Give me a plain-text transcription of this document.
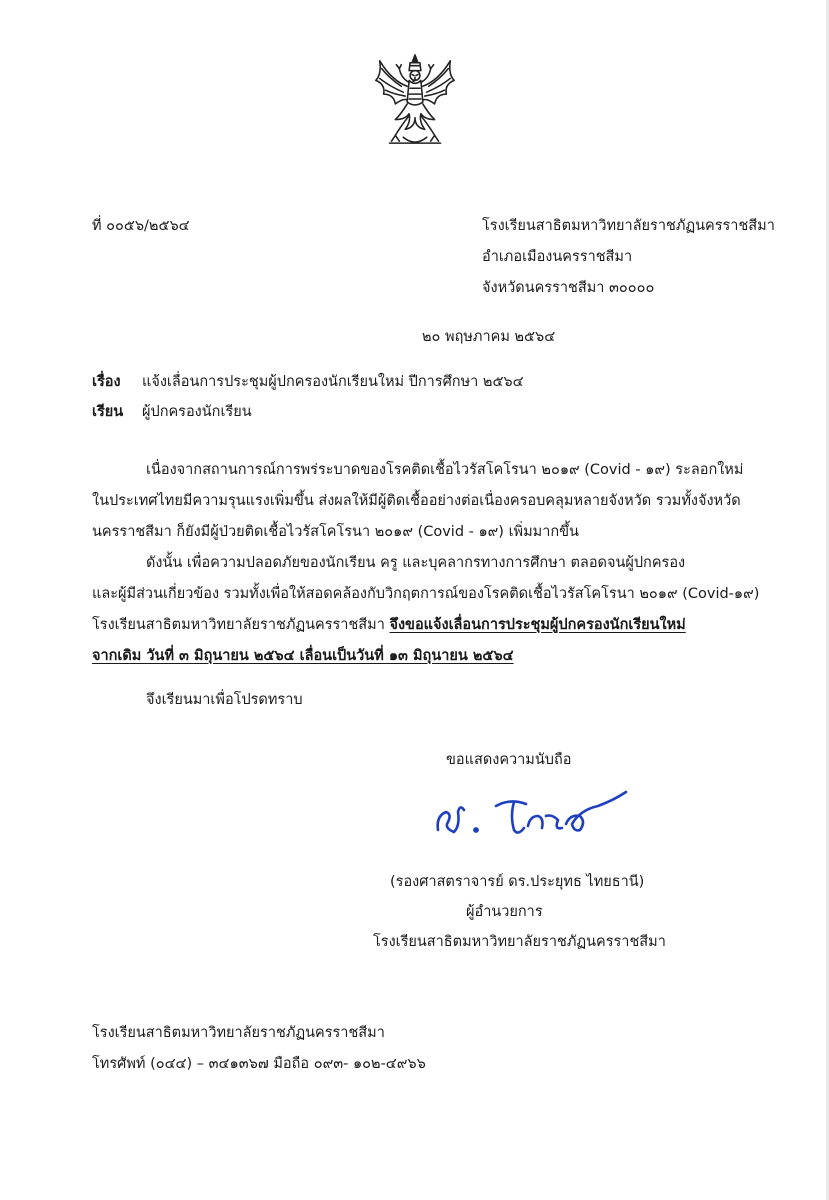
ที่ ๐๐๕๖/๒๕๖๔	โรงเรียนสาธิตมหาวิทยาลัยราชภัฏนครราชสีมา
อำเภอเมืองนครราชสีมา
จังหวัดนครราชสีมา ๓๐๐๐๐
๒๐ พฤษภาคม ๒๕๖๔
เรื่อง แจ้งเลื่อนการประชุมผู้ปกครองนักเรียนใหม่ ปีการศึกษา ๒๕๖๔
เรียน ผู้ปกครองนักเรียน
เนื่องจากสถานการณ์การพร่ระบาดของโรคติดเชื้อไวรัสโคโรนา ๒๐๑๙ (Covid - ๑๙) ระลอกใหม่
ในประเทศไทยมีความรุนแรงเพิ่มขึ้น ส่งผลให้มีผู้ติดเชื้ออย่างต่อเนื่องครอบคลุมหลายจังหวัด รวมทั้งจังหวัด
นครราชสีมา ก็ยังมีผู้ป่วยติดเชื้อไวรัสโคโรนา ๒๐๑๙ (Covid - ๑๙) เพิ่มมากขึ้น
ดังนั้น เพื่อความปลอดภัยของนักเรียน ครู และบุคลากรทางการศึกษา ตลอดจนผู้ปกครอง
และผู้มีส่วนเกี่ยวข้อง รวมทั้งเพื่อให้สอดคล้องกับวิกฤตการณ์ของโรคติดเชื้อไวรัสโคโรนา ๒๐๑๙ (Covid-๑๙)
โรงเรียนสาธิตมหาวิทยาลัยราชภัฏนครราชสีมา จึงขอแจ้งเลื่อนการประชุมผู้ปกครองนักเรียนใหม่
จากเดิม วันที่ ๓ มิถุนายน ๒๕๖๔ เลื่อนเป็นวันที่ ๑๓ มิถุนายน ๒๕๖๔
จึงเรียนมาเพื่อโปรดทราบ
ขอแสดงความนับถือ
(รองศาสตราจารย์ ดร.ประยุทธ ไทยธานี)
ผู้อำนวยการ
โรงเรียนสาธิตมหาวิทยาลัยราชภัฏนครราชสีมา
โรงเรียนสาธิตมหาวิทยาลัยราชภัฏนครราชสีมา
โทรศัพท์ (๐๔๔) – ๓๔๑๓๖๗ มือถือ ๐๙๓- ๑๐๒-๔๙๖๖
